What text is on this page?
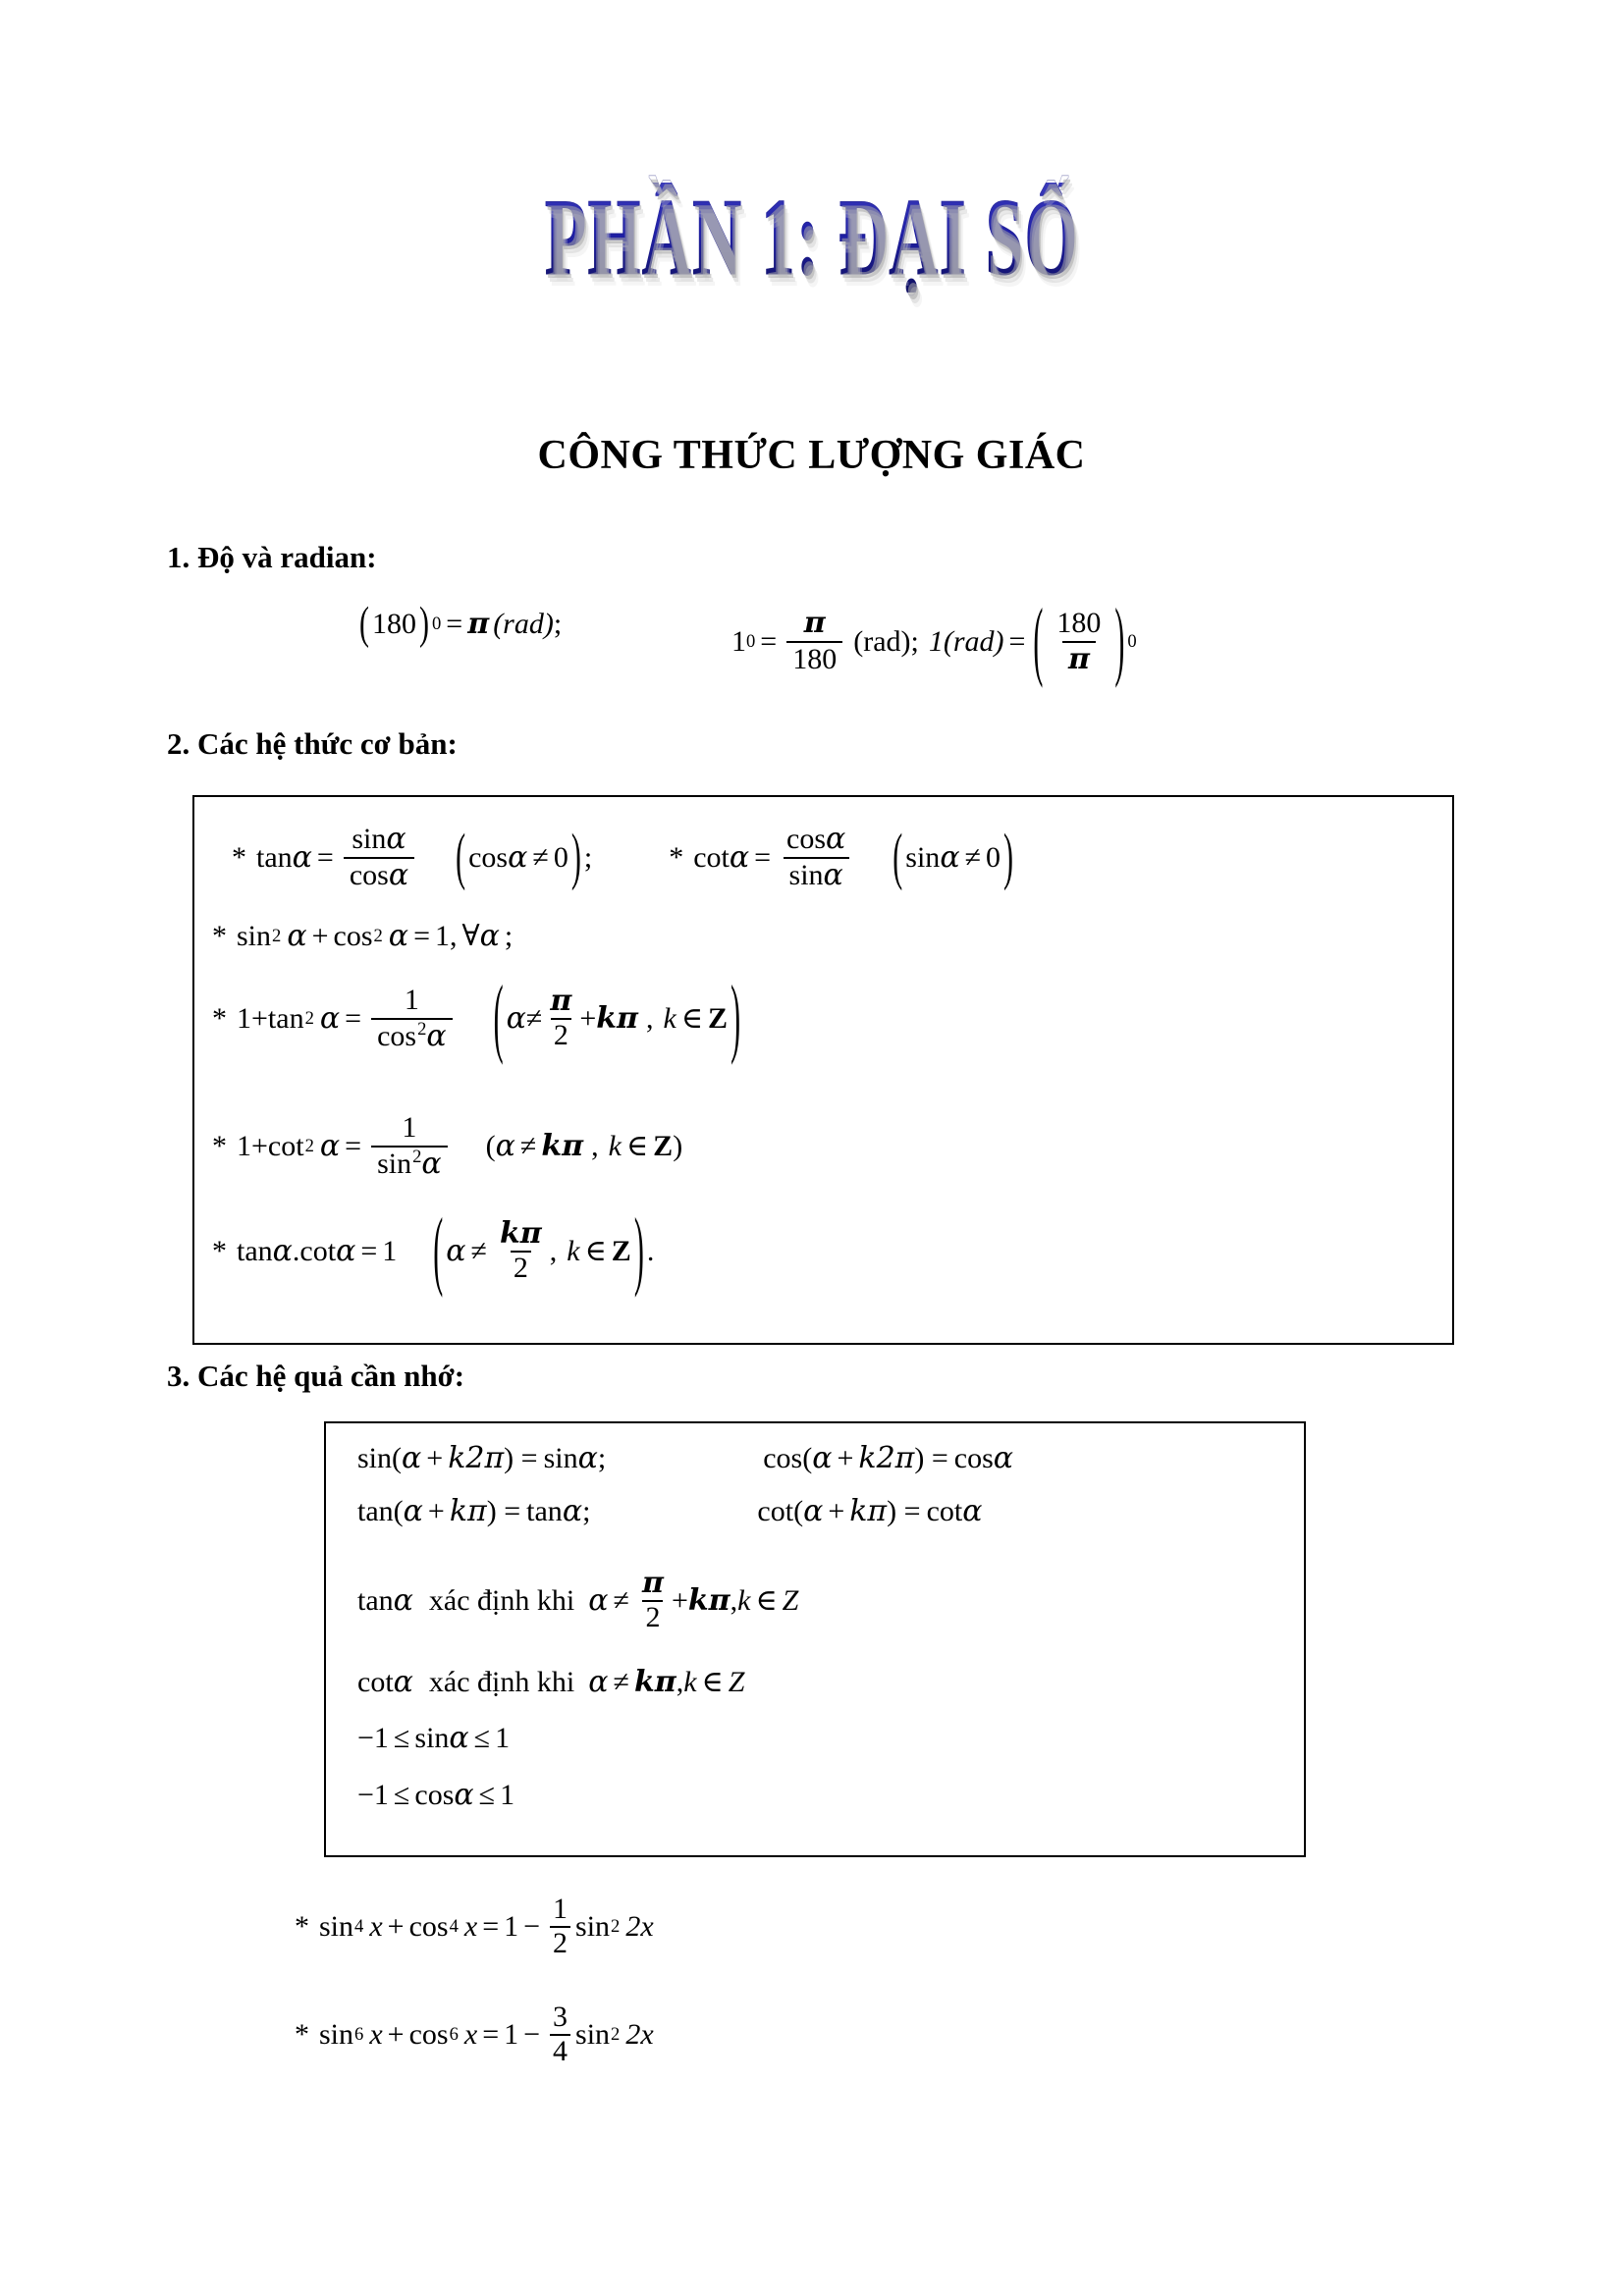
PHẦN 1: ĐẠI SỐ
CÔNG THỨC LƯỢNG GIÁC
1. Độ và radian:
( 180 ) 0 = π (rad) ;
1 $0 = \frac{\pi}{180} (rad)$; 1(rad) = ( $\frac{180}{\pi}$ ) 0
2. Các hệ thức cơ bản:
* $\tan \alpha = \frac{\sin\alpha}{\cos\alpha}$ ( cos α ≠ 0 ) ;	* $\cot \alpha = \frac{\cos\alpha}{\sin\alpha}$ ( sin α ≠ 0 )
* sin 2 α + cos 2 α = 1 , ∀ α ;
* 1 + tan 2 $\alpha = \frac{1}{\cos^2\alpha}$ ( $\alpha \ne \frac{\pi}{2} + k\pi$ , k ∈ Z )
* 1 + cot 2 $\alpha = \frac{1}{\sin^2\alpha}$ ( α ≠ kπ , k ∈ Z )
* tan α . cot α = 1 ( $\alpha \ne \frac{k\pi}{2}$ , k ∈ Z ) .
3. Các hệ quả cần nhớ:
sin(α + k2π) = sinα;	cos(α + k2π) = cosα
tan(α + kπ) = tanα;	cot(α + kπ) = cotα
tan α xác định khi $\alpha \ne \frac{\pi}{2} + k\pi$ , k ∈ Z
cot α xác định khi α ≠ kπ , k ∈ Z
−1 ≤ sin α ≤ 1
−1 ≤ cos α ≤ 1
* sin 4 x + cos 4 $x = 1 - \frac{1}{2}$ sin 2 2x
* sin 6 x + cos 6 $x = 1 - \frac{3}{4}$ sin 2 2x
